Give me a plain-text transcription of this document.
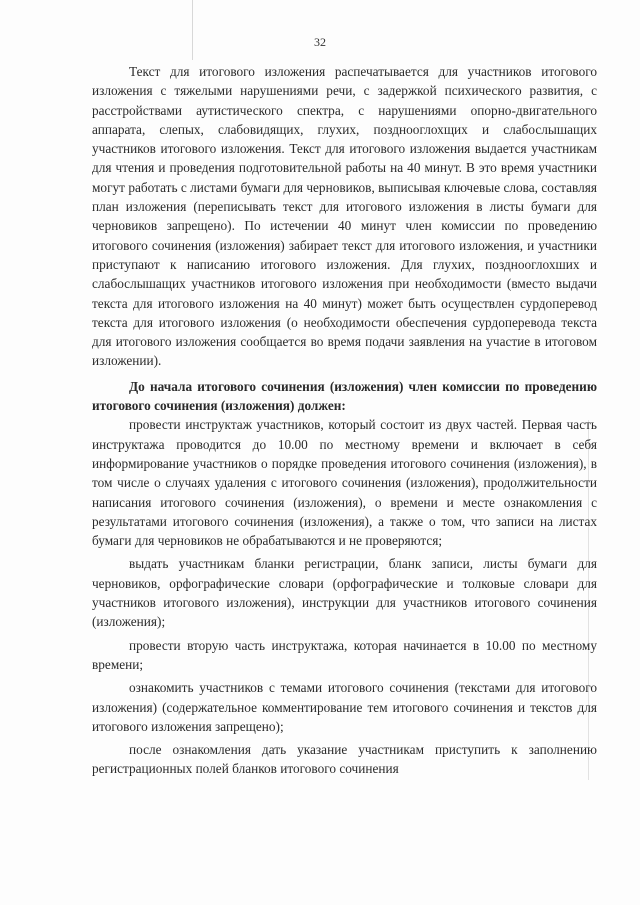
32

Текст для итогового изложения распечатывается для участников итогового изложения с тяжелыми нарушениями речи, с задержкой психического развития, с расстройствами аутистического спектра, с нарушениями опорно-двигательного аппарата, слепых, слабовидящих, глухих, позднооглохщих и слабослышащих участников итогового изложения. Текст для итогового изложения выдается участникам для чтения и проведения подготовительной работы на 40 минут. В это время участники могут работать с листами бумаги для черновиков, выписывая ключевые слова, составляя план изложения (переписывать текст для итогового изложения в листы бумаги для черновиков запрещено). По истечении 40 минут член комиссии по проведению итогового сочинения (изложения) забирает текст для итогового изложения, и участники приступают к написанию итогового изложения. Для глухих, позднооглохших и слабослышащих участников итогового изложения при необходимости (вместо выдачи текста для итогового изложения на 40 минут) может быть осуществлен сурдоперевод текста для итогового изложения (о необходимости обеспечения сурдоперевода текста для итогового изложения сообщается во время подачи заявления на участие в итоговом изложении).

До начала итогового сочинения (изложения) член комиссии по проведению итогового сочинения (изложения) должен:

провести инструктаж участников, который состоит из двух частей. Первая часть инструктажа проводится до 10.00 по местному времени и включает в себя информирование участников о порядке проведения итогового сочинения (изложения), в том числе о случаях удаления с итогового сочинения (изложения), продолжительности написания итогового сочинения (изложения), о времени и месте ознакомления с результатами итогового сочинения (изложения), а также о том, что записи на листах бумаги для черновиков не обрабатываются и не проверяются;

выдать участникам бланки регистрации, бланк записи, листы бумаги для черновиков, орфографические словари (орфографические и толковые словари для участников итогового изложения), инструкции для участников итогового сочинения (изложения);

провести вторую часть инструктажа, которая начинается в 10.00 по местному времени;

ознакомить участников с темами итогового сочинения (текстами для итогового изложения) (содержательное комментирование тем итогового сочинения и текстов для итогового изложения запрещено);

после ознакомления дать указание участникам приступить к заполнению регистрационных полей бланков итогового сочинения
